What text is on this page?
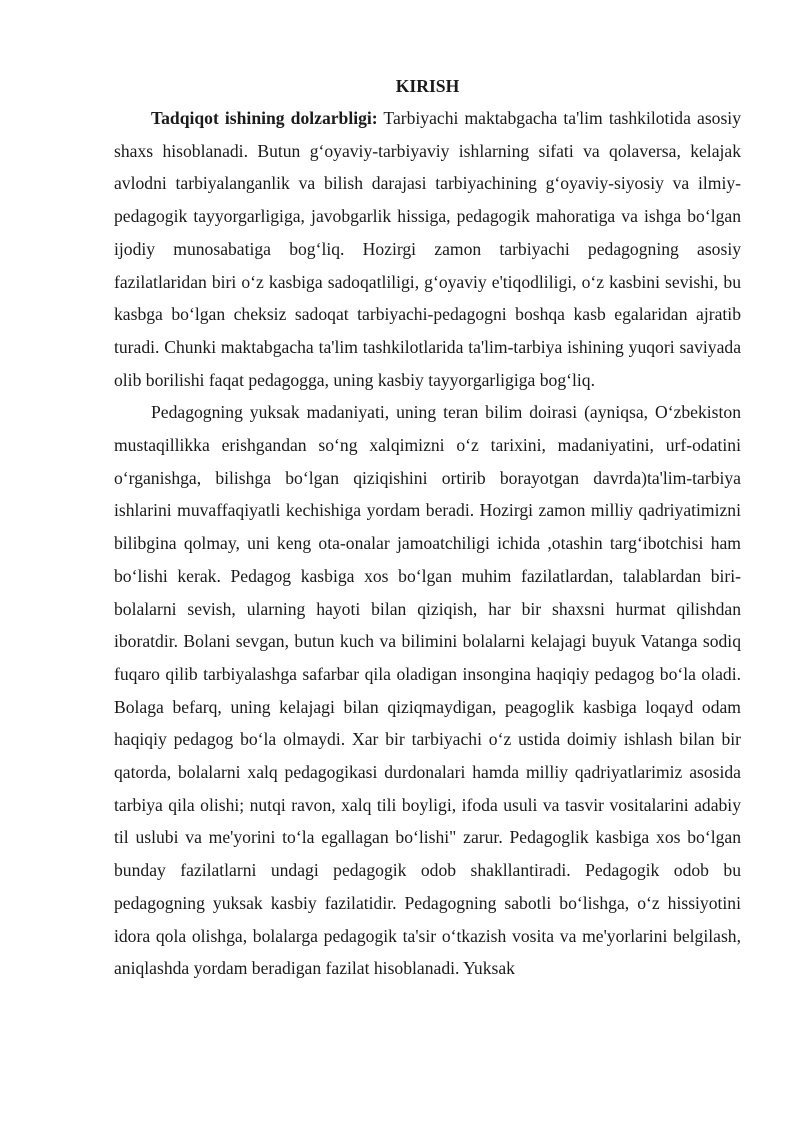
KIRISH

Tadqiqot ishining dolzarbligi: Tarbiyachi maktabgacha ta'lim tashkilotida asosiy shaxs hisoblanadi. Butun g‘oyaviy-tarbiyaviy ishlarning sifati va qolaversa, kelajak avlodni tarbiyalanganlik va bilish darajasi tarbiyachining g‘oyaviy-siyosiy va ilmiy-pedagogik tayyorgarligiga, javobgarlik hissiga, pedagogik mahoratiga va ishga bo‘lgan ijodiy munosabatiga bog‘liq. Hozirgi zamon tarbiyachi pedagogning asosiy fazilatlaridan biri o‘z kasbiga sadoqatliligi, g‘oyaviy e'tiqodliligi, o‘z kasbini sevishi, bu kasbga bo‘lgan cheksiz sadoqat tarbiyachi-pedagogni boshqa kasb egalaridan ajratib turadi. Chunki maktabgacha ta'lim tashkilotlarida ta'lim-tarbiya ishining yuqori saviyada olib borilishi faqat pedagogga, uning kasbiy tayyorgarligiga bog‘liq.

Pedagogning yuksak madaniyati, uning teran bilim doirasi (ayniqsa, O‘zbekiston mustaqillikka erishgandan so‘ng xalqimizni o‘z tarixini, madaniyatini, urf-odatini o‘rganishga, bilishga bo‘lgan qiziqishini ortirib borayotgan davrda)ta'lim-tarbiya ishlarini muvaffaqiyatli kechishiga yordam beradi. Hozirgi zamon milliy qadriyatimizni bilibgina qolmay, uni keng ota-onalar jamoatchiligi ichida ,otashin targ‘ibotchisi ham bo‘lishi kerak. Pedagog kasbiga xos bo‘lgan muhim fazilatlardan, talablardan biri- bolalarni sevish, ularning hayoti bilan qiziqish, har bir shaxsni hurmat qilishdan iboratdir. Bolani sevgan, butun kuch va bilimini bolalarni kelajagi buyuk Vatanga sodiq fuqaro qilib tarbiyalashga safarbar qila oladigan insongina haqiqiy pedagog bo‘la oladi. Bolaga befarq, uning kelajagi bilan qiziqmaydigan, peagoglik kasbiga loqayd odam haqiqiy pedagog bo‘la olmaydi. Xar bir tarbiyachi o‘z ustida doimiy ishlash bilan bir qatorda, bolalarni xalq pedagogikasi durdonalari hamda milliy qadriyatlarimiz asosida tarbiya qila olishi; nutqi ravon, xalq tili boyligi, ifoda usuli va tasvir vositalarini adabiy til uslubi va me'yorini to‘la egallagan bo‘lishi" zarur. Pedagoglik kasbiga xos bo‘lgan bunday fazilatlarni undagi pedagogik odob shakllantiradi. Pedagogik odob bu pedagogning yuksak kasbiy fazilatidir. Pedagogning sabotli bo‘lishga, o‘z hissiyotini idora qola olishga, bolalarga pedagogik ta'sir o‘tkazish vosita va me'yorlarini belgilash, aniqlashda yordam beradigan fazilat hisoblanadi. Yuksak
